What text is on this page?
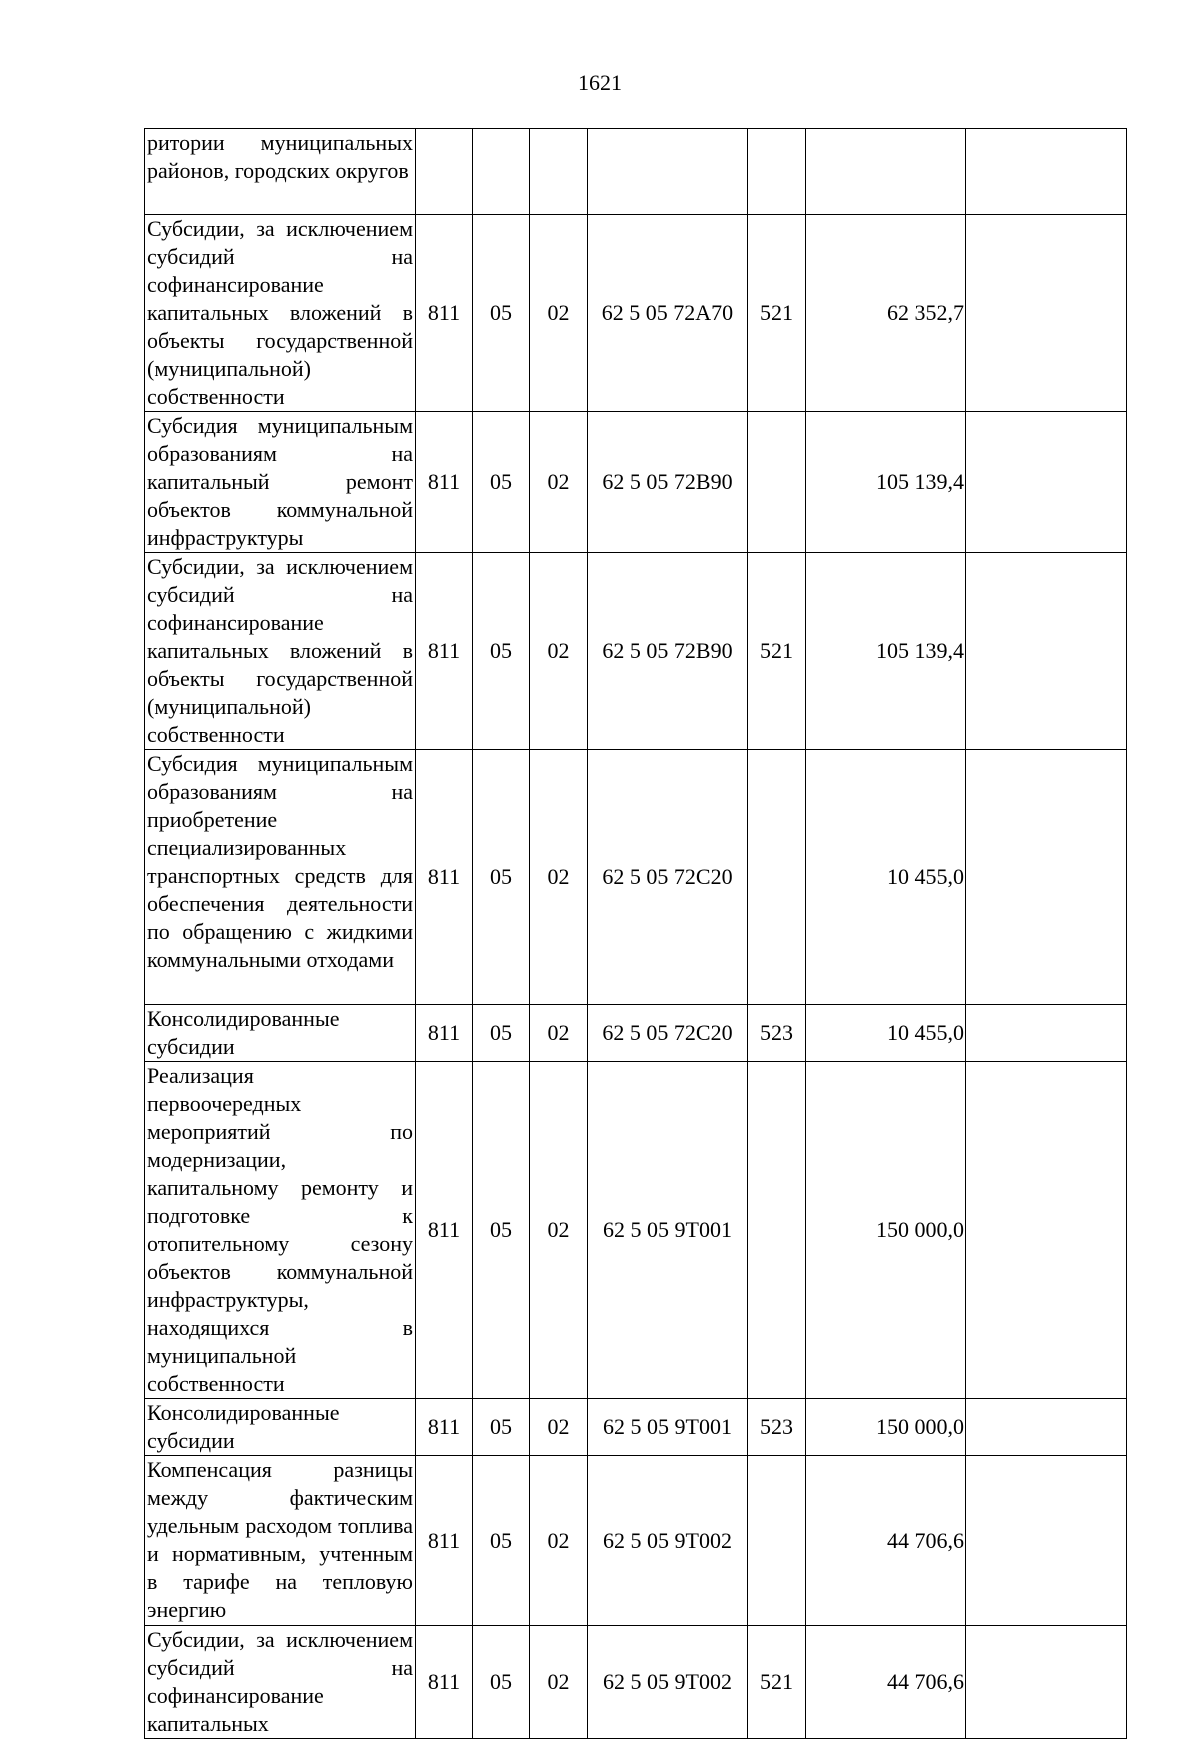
1621
ритории муниципальных районов, городских округов							
Субсидии, за исключением субсидий на софинансирование капитальных вложений в объекты государственной (муниципальной) собственности	811	05	02	62 5 05 72А70	521	62 352,7	
Субсидия муниципальным образованиям на капитальный ремонт объектов коммунальной инфраструктуры	811	05	02	62 5 05 72В90		105 139,4	
Субсидии, за исключением субсидий на софинансирование капитальных вложений в объекты государственной (муниципальной) собственности	811	05	02	62 5 05 72В90	521	105 139,4	
Субсидия муниципальным образованиям на приобретение специализированных транспортных средств для обеспечения деятельности по обращению с жидкими коммунальными отходами	811	05	02	62 5 05 72С20		10 455,0	
Консолидированные субсидии	811	05	02	62 5 05 72С20	523	10 455,0	
Реализация первоочередных мероприятий по модернизации, капитальному ремонту и подготовке к отопительному сезону объектов коммунальной инфраструктуры, находящихся в муниципальной собственности	811	05	02	62 5 05 9Т001		150 000,0	
Консолидированные субсидии	811	05	02	62 5 05 9Т001	523	150 000,0	
Компенсация разницы между фактическим удельным расходом топлива и нормативным, учтенным в тарифе на тепловую энергию	811	05	02	62 5 05 9Т002		44 706,6	
Субсидии, за исключением субсидий на софинансирование капитальных	811	05	02	62 5 05 9Т002	521	44 706,6	
